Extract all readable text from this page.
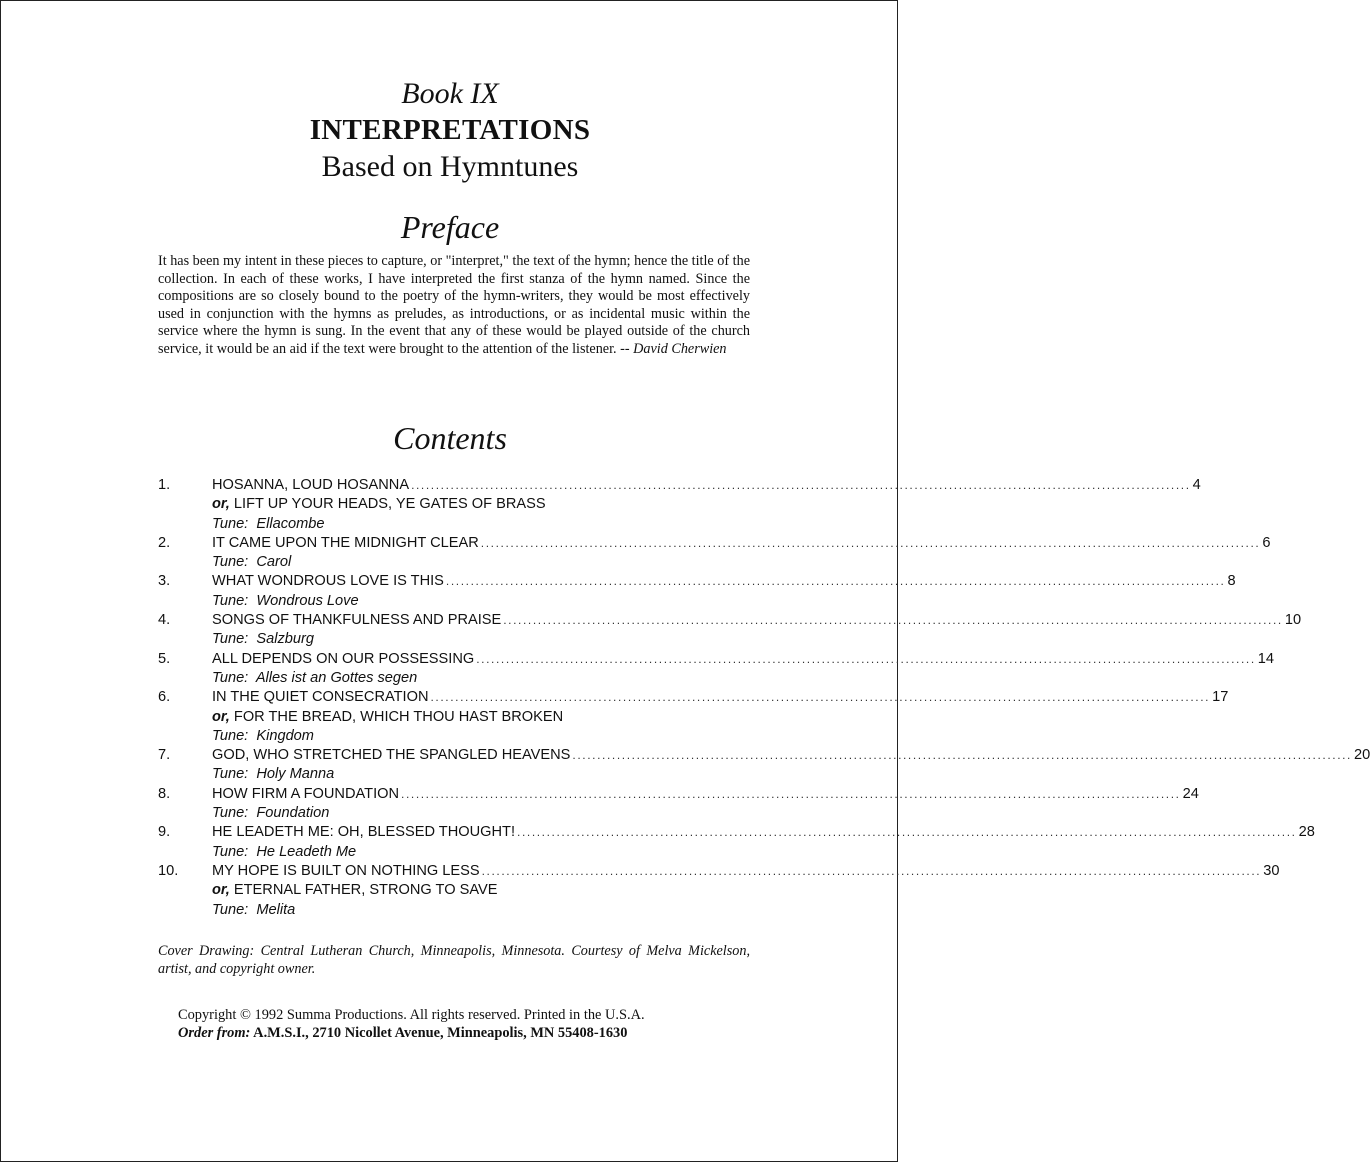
Book IX
INTERPRETATIONS
Based on Hymntunes
Preface
It has been my intent in these pieces to capture, or "interpret," the text of the hymn; hence the title of the collection. In each of these works, I have interpreted the first stanza of the hymn named. Since the compositions are so closely bound to the poetry of the hymn-writers, they would be most effectively used in conjunction with the hymns as preludes, as introductions, or as incidental music within the service where the hymn is sung. In the event that any of these would be played outside of the church service, it would be an aid if the text were brought to the attention of the listener. -- David Cherwien
Contents
1.	HOSANNA, LOUD HOSANNA .............................................................................................................................................................. 4
or, LIFT UP YOUR HEADS, YE GATES OF BRASS
Tune: Ellacombe
2.	IT CAME UPON THE MIDNIGHT CLEAR .............................................................................................................................................................. 6
Tune: Carol
3.	WHAT WONDROUS LOVE IS THIS .............................................................................................................................................................. 8
Tune: Wondrous Love
4.	SONGS OF THANKFULNESS AND PRAISE .............................................................................................................................................................. 10
Tune: Salzburg
5.	ALL DEPENDS ON OUR POSSESSING .............................................................................................................................................................. 14
Tune: Alles ist an Gottes segen
6.	IN THE QUIET CONSECRATION .............................................................................................................................................................. 17
or, FOR THE BREAD, WHICH THOU HAST BROKEN
Tune: Kingdom
7.	GOD, WHO STRETCHED THE SPANGLED HEAVENS .............................................................................................................................................................. 20
Tune: Holy Manna
8.	HOW FIRM A FOUNDATION .............................................................................................................................................................. 24
Tune: Foundation
9.	HE LEADETH ME: OH, BLESSED THOUGHT! .............................................................................................................................................................. 28
Tune: He Leadeth Me
10. MY HOPE IS BUILT ON NOTHING LESS .............................................................................................................................................................. 30
or, ETERNAL FATHER, STRONG TO SAVE
Tune: Melita
Cover Drawing: Central Lutheran Church, Minneapolis, Minnesota. Courtesy of Melva Mickelson, artist, and copyright owner.
Copyright © 1992 Summa Productions. All rights reserved. Printed in the U.S.A.
Order from: A.M.S.I., 2710 Nicollet Avenue, Minneapolis, MN 55408-1630
